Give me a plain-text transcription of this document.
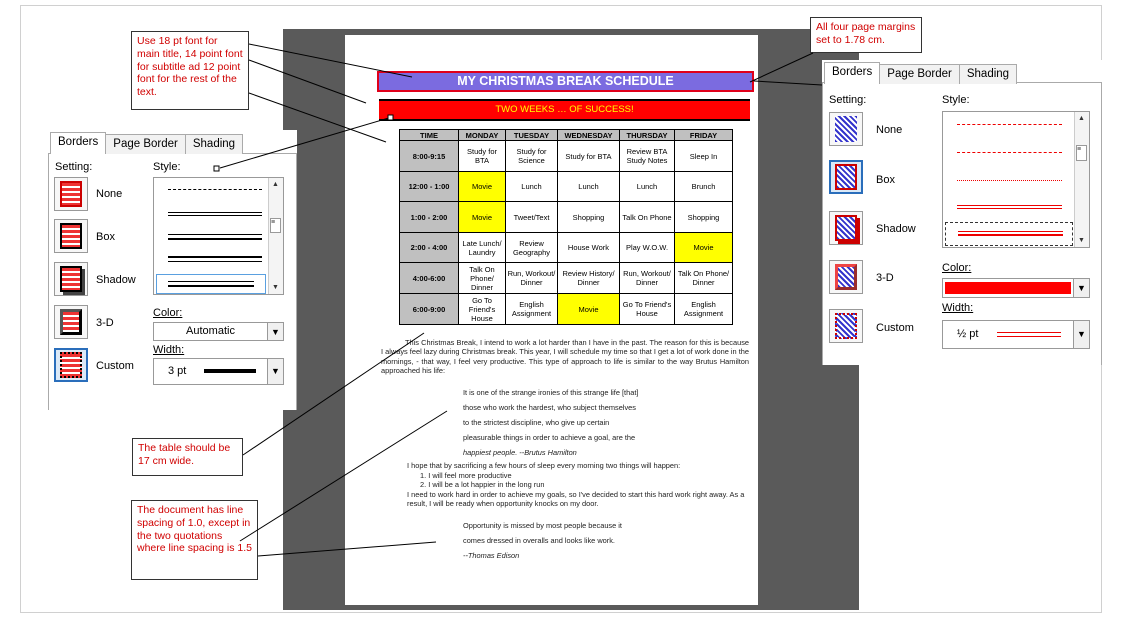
MY CHRISTMAS BREAK SCHEDULE
TWO WEEKS … OF SUCCESS!
TIME	MONDAY	TUESDAY	WEDNESDAY	THURSDAY	FRIDAY
8:00-9:15	Study for BTA	Study for Science	Study for BTA	Review BTA Study Notes	Sleep In
12:00 - 1:00	Movie	Lunch	Lunch	Lunch	Brunch
1:00 - 2:00	Movie	Tweet/Text	Shopping	Talk On Phone	Shopping
2:00 - 4:00	Late Lunch/ Laundry	Review Geography	House Work	Play W.O.W.	Movie
4:00-6:00	Talk On Phone/ Dinner	Run, Workout/ Dinner	Review History/ Dinner	Run, Workout/ Dinner	Talk On Phone/ Dinner
6:00-9:00	Go To Friend's House	English Assignment	Movie	Go To Friend's House	English Assignment
This Christmas Break, I intend to work a lot harder than I have in the past. The reason for this is because I always feel lazy during Christmas break. This year, I will schedule my time so that I get a lot of work done in the mornings, - that way, I feel very productive. This type of approach to life is similar to the way Brutus Hamilton approached his life:

It is one of the strange ironies of this strange life [that]

those who work the hardest, who subject themselves

to the strictest discipline, who give up certain

pleasurable things in order to achieve a goal, are the

happiest people. --Brutus Hamilton

I hope that by sacrificing a few hours of sleep every morning two things will happen:
1. I will feel more productive
2. I will be a lot happier in the long run
I need to work hard in order to achieve my goals, so I've decided to start this hard work right away. As a result, I will be ready when opportunity knocks on my door.

Opportunity is missed by most people because it

comes dressed in overalls and looks like work.

--Thomas Edison

Use 18 pt font for main title, 14 point font for subtitle ad 12 point font for the rest of the text.
All four page margins set to 1.78 cm.
The table should be 17 cm wide.
The document has line spacing of 1.0, except in the two quotations where line spacing is 1.5
Borders	Page Border	Shading
Setting:	Style:
None
Box
Shadow
3-D
Custom
▲
≡
▼
Color:
Automatic	▼
Width:
3 pt	▼
Borders	Page Border	Shading
Setting:	Style:
None
Box
Shadow
3-D
Custom
▲
≡
▼
Color:
▼
Width:
½ pt	▼
